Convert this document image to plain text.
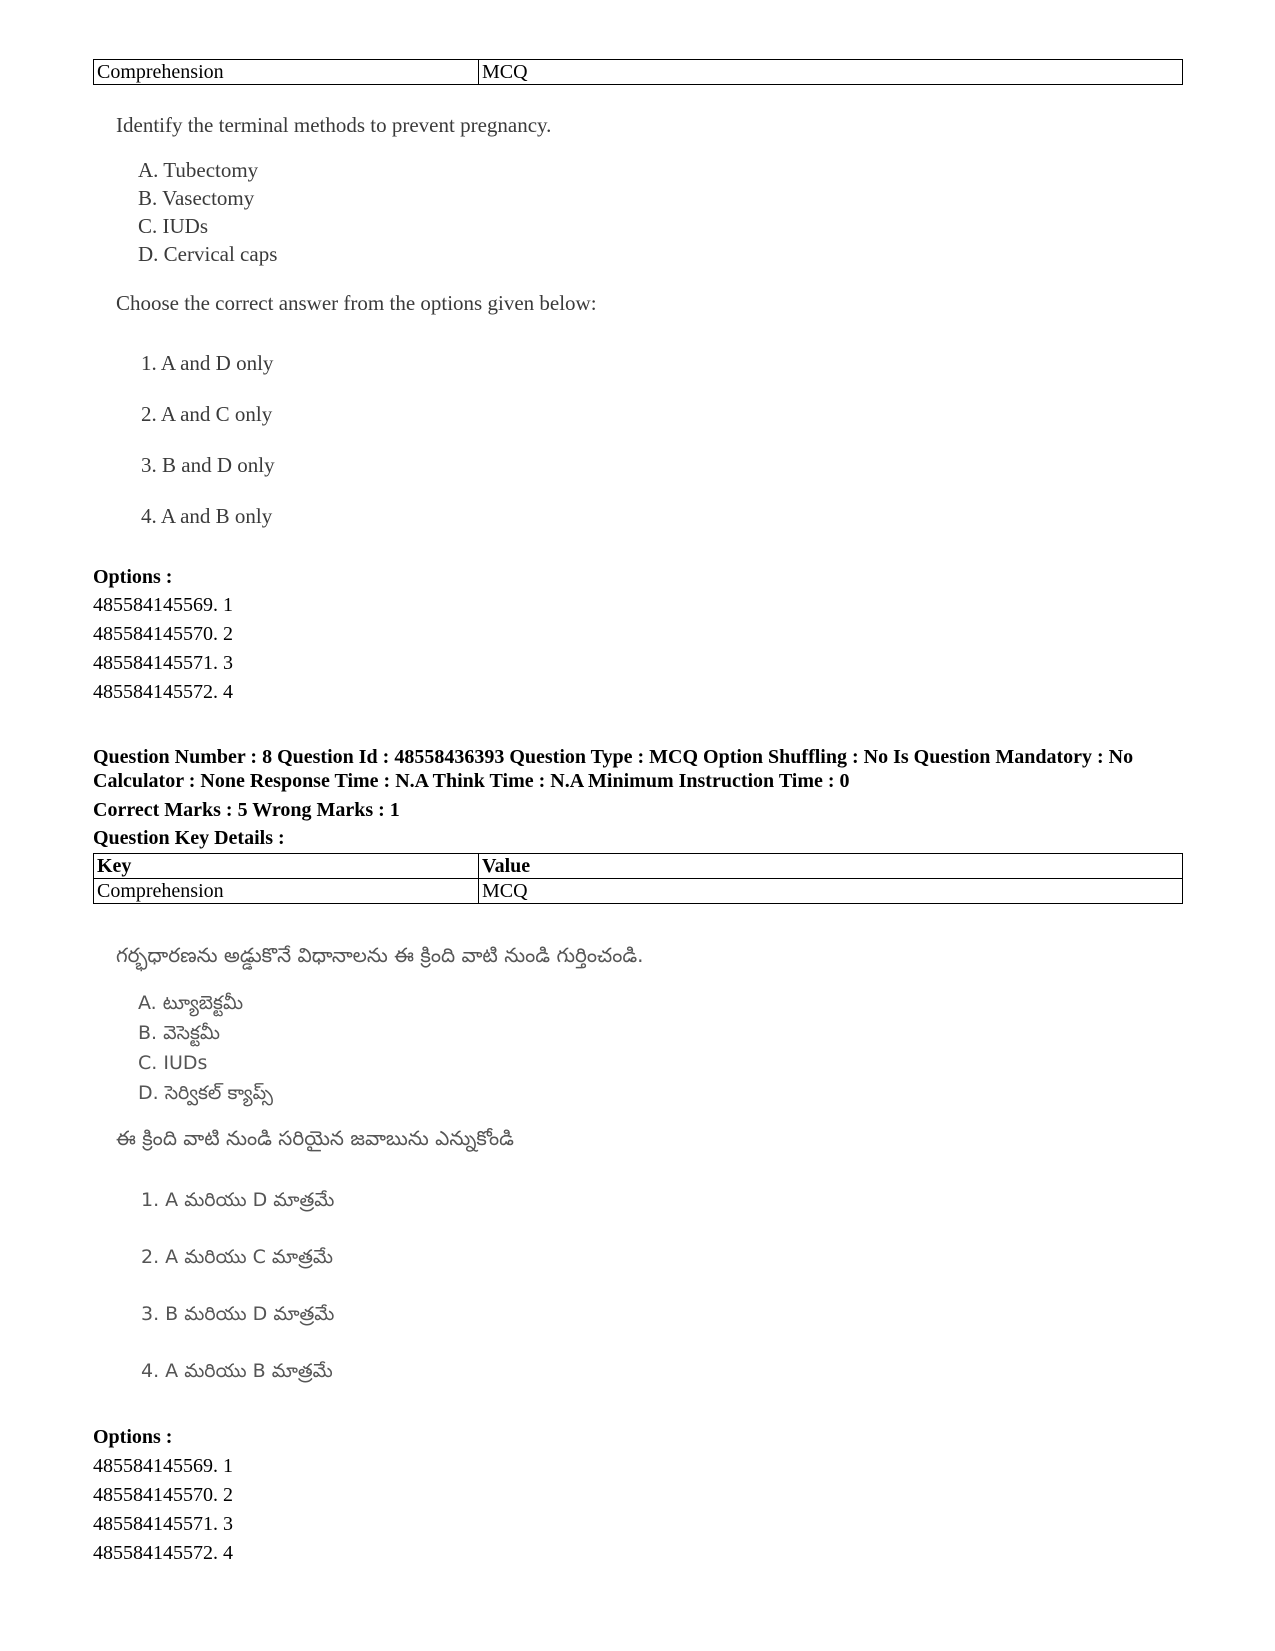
Comprehension	MCQ
Identify the terminal methods to prevent pregnancy.
A. Tubectomy
B. Vasectomy
C. IUDs
D. Cervical caps
Choose the correct answer from the options given below:
1. A and D only
2. A and C only
3. B and D only
4. A and B only
Options :
485584145569. 1
485584145570. 2
485584145571. 3
485584145572. 4
Question Number : 8 Question Id : 48558436393 Question Type : MCQ Option Shuffling : No Is Question Mandatory : No
Calculator : None Response Time : N.A Think Time : N.A Minimum Instruction Time : 0
Correct Marks : 5 Wrong Marks : 1
Question Key Details :
Key	Value
Comprehension	MCQ
గర్భధారణను అడ్డుకొనే విధానాలను ఈ క్రింది వాటి నుండి గుర్తించండి.
A. ట్యూబెక్టమీ
B. వెసెక్టమీ
C. IUDs
D. సెర్వికల్ క్యాప్స్
ఈ క్రింది వాటి నుండి సరియైన జవాబును ఎన్నుకోండి
1. A మరియు D మాత్రమే
2. A మరియు C మాత్రమే
3. B మరియు D మాత్రమే
4. A మరియు B మాత్రమే
Options :
485584145569. 1
485584145570. 2
485584145571. 3
485584145572. 4
